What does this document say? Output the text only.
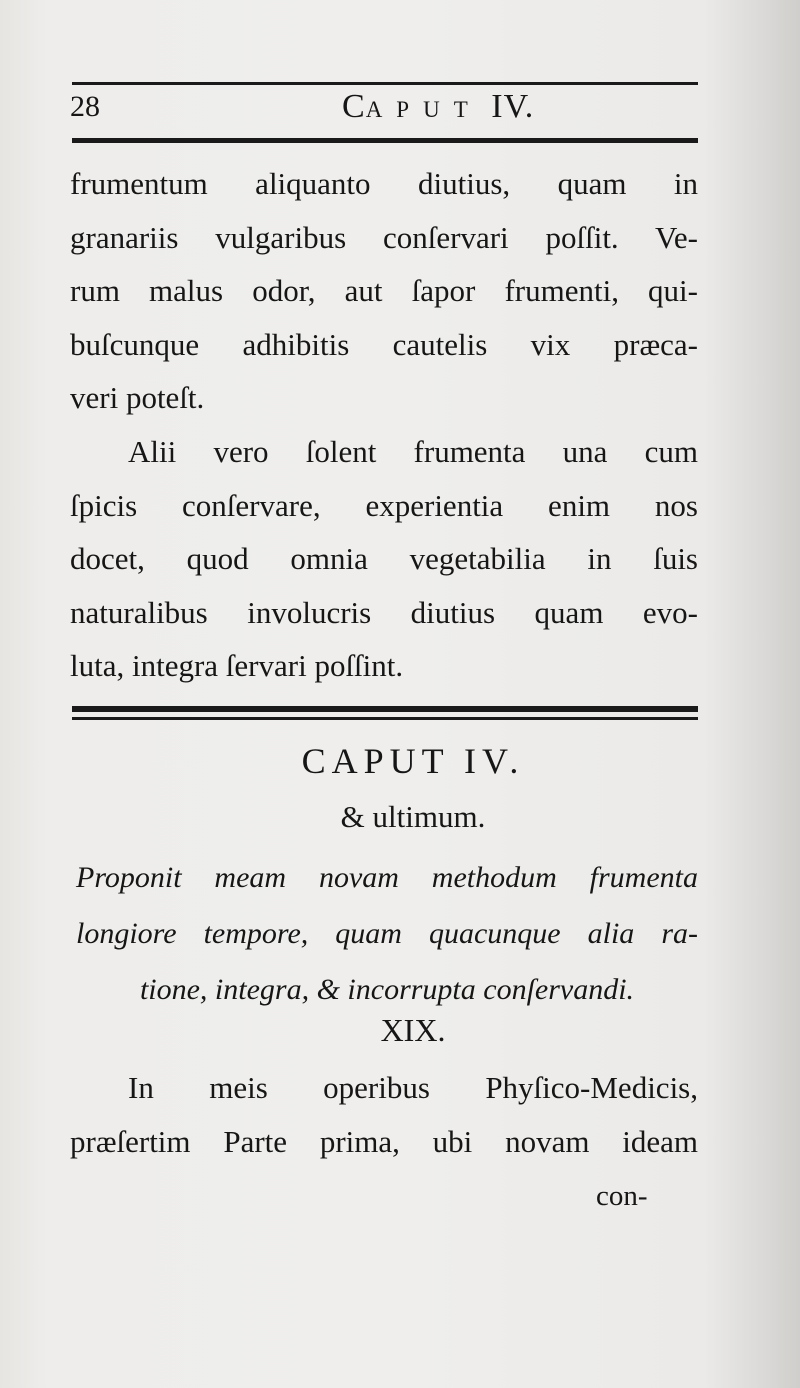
28	CAPUT IV.
frumentum aliquanto diutius, quam in
granariis vulgaribus conſervari poſſit. Ve-
rum malus odor, aut ſapor frumenti, qui-
buſcunque adhibitis cautelis vix præca-
veri poteſt.
Alii vero ſolent frumenta una cum
ſpicis conſervare, experientia enim nos
docet, quod omnia vegetabilia in ſuis
naturalibus involucris diutius quam evo-
luta, integra ſervari poſſint.
CAPUT IV.
& ultimum.
Proponit meam novam methodum frumenta
longiore tempore, quam quacunque alia ra-
tione, integra, & incorrupta conſervandi.
XIX.
In meis operibus Phyſico-Medicis,
præſertim Parte prima, ubi novam ideam
con-
